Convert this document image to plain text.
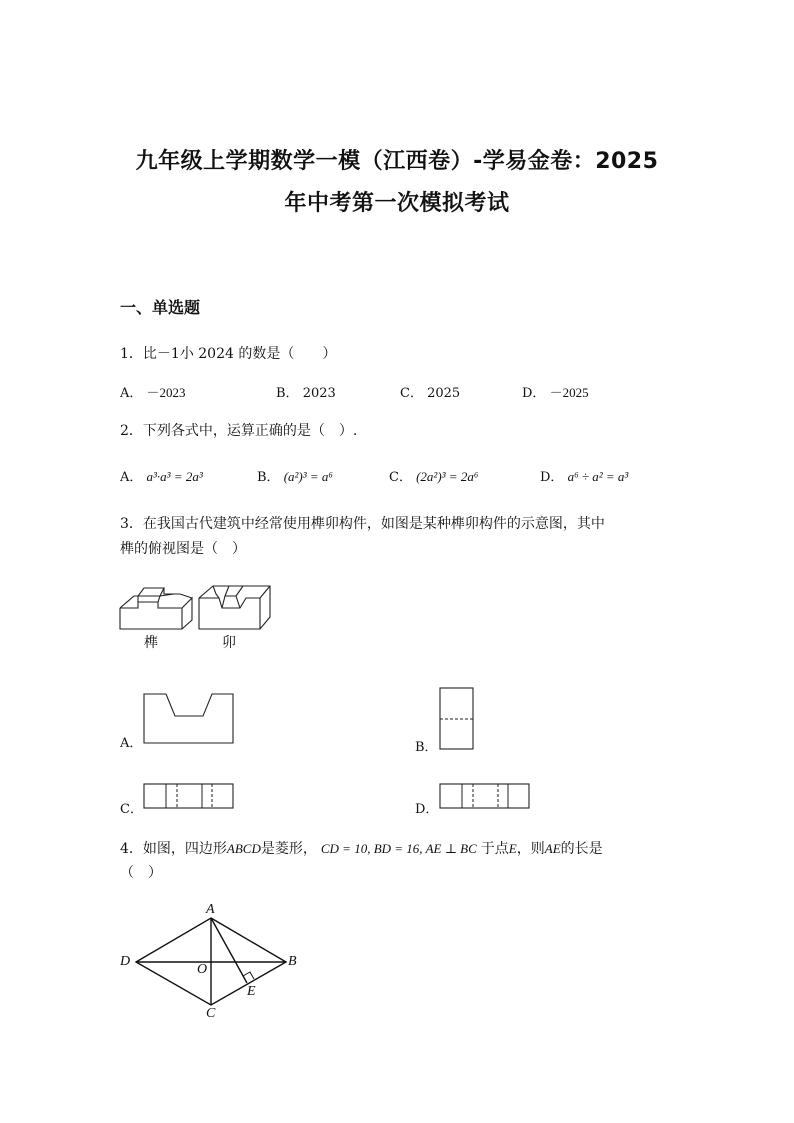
九年级上学期数学一模（江西卷）-学易金卷：2025
年中考第一次模拟考试
一、单选题
1．比－1小 2024 的数是（　　）
A． －2023	B． 2023	C． 2025	D． －2025
2．下列各式中，运算正确的是（　）.
A． a³·a³ = 2a³	B． (a²)³ = a⁶	C． (2a²)³ = 2a⁶	D． a⁶ ÷ a² = a³
3．在我国古代建筑中经常使用榫卯构件，如图是某种榫卯构件的示意图，其中
榫的俯视图是（　）
榫	卯
A．	B．
C．	D．
4．如图，四边形ABCD是菱形， CD = 10, BD = 16, AE ⊥ BC 于点E，则AE的长是
（　）
A
B
C
D
O
E
